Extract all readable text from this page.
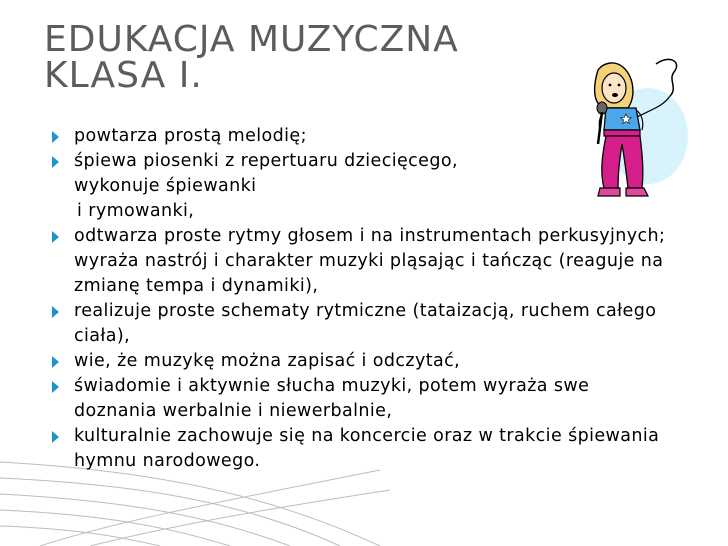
EDUKACJA MUZYCZNA
KLASA I.
powtarza prostą melodię;
śpiewa piosenki z repertuaru dziecięcego, wykonuje śpiewanki
i rymowanki,
odtwarza proste rytmy głosem i na instrumentach perkusyjnych; wyraża nastrój i charakter muzyki pląsając i tańcząc (reaguje na zmianę tempa i dynamiki),
realizuje proste schematy rytmiczne (tataizacją, ruchem całego ciała),
wie, że muzykę można zapisać i odczytać,
świadomie i aktywnie słucha muzyki, potem wyraża swe doznania werbalnie i niewerbalnie,
kulturalnie zachowuje się na koncercie oraz w trakcie śpiewania hymnu narodowego.
